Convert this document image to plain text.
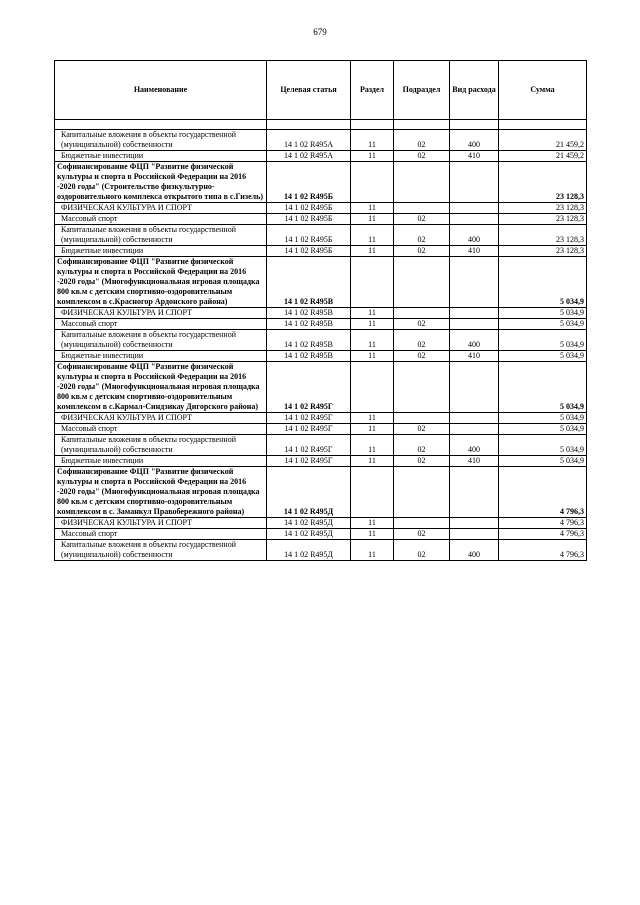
679
Наименование	Целевая статья	Раздел	Подраздел	Вид расхода	Сумма

Капитальные вложения в объекты государственной (муниципальной) собственности	14 1 02 R495А	11	02	400	21 459,2
Бюджетные инвестиции	14 1 02 R495А	11	02	410	21 459,2
Софинансирование ФЦП "Развитие физической культуры и спорта в Российской Федерации на 2016 -2020 годы" (Строительство физкультурно-оздоровительного комплекса открытого типа в с.Гизель)	14 1 02 R495Б				23 128,3
ФИЗИЧЕСКАЯ КУЛЬТУРА И СПОРТ	14 1 02 R495Б	11			23 128,3
Массовый спорт	14 1 02 R495Б	11	02		23 128,3
Капитальные вложения в объекты государственной (муниципальной) собственности	14 1 02 R495Б	11	02	400	23 128,3
Бюджетные инвестиции	14 1 02 R495Б	11	02	410	23 128,3
Софинансирование ФЦП "Развитие физической культуры и спорта в Российской Федерации на 2016 -2020 годы" (Многофункциональная игровая площадка 800 кв.м с детским спортивно-оздоровительным комплексом в с.Красногор Ардонского района)	14 1 02 R495В				5 034,9
ФИЗИЧЕСКАЯ КУЛЬТУРА И СПОРТ	14 1 02 R495В	11			5 034,9
Массовый спорт	14 1 02 R495В	11	02		5 034,9
Капитальные вложения в объекты государственной (муниципальной) собственности	14 1 02 R495В	11	02	400	5 034,9
Бюджетные инвестиции	14 1 02 R495В	11	02	410	5 034,9
Софинансирование ФЦП "Развитие физической культуры и спорта в Российской Федерации на 2016 -2020 годы" (Многофункциональная игровая площадка 800 кв.м с детским спортивно-оздоровительным комплексом в с.Кармал-Синдзикау Дигорского района)	14 1 02 R495Г				5 034,9
ФИЗИЧЕСКАЯ КУЛЬТУРА И СПОРТ	14 1 02 R495Г	11			5 034,9
Массовый спорт	14 1 02 R495Г	11	02		5 034,9
Капитальные вложения в объекты государственной (муниципальной) собственности	14 1 02 R495Г	11	02	400	5 034,9
Бюджетные инвестиции	14 1 02 R495Г	11	02	410	5 034,9
Софинансирование ФЦП "Развитие физической культуры и спорта в Российской Федерации на 2016 -2020 годы" (Многофункциональная игровая площадка 800 кв.м с детским спортивно-оздоровительным комплексом в с. Заманкул Правобережного района)	14 1 02 R495Д				4 796,3
ФИЗИЧЕСКАЯ КУЛЬТУРА И СПОРТ	14 1 02 R495Д	11			4 796,3
Массовый спорт	14 1 02 R495Д	11	02		4 796,3
Капитальные вложения в объекты государственной (муниципальной) собственности	14 1 02 R495Д	11	02	400	4 796,3
